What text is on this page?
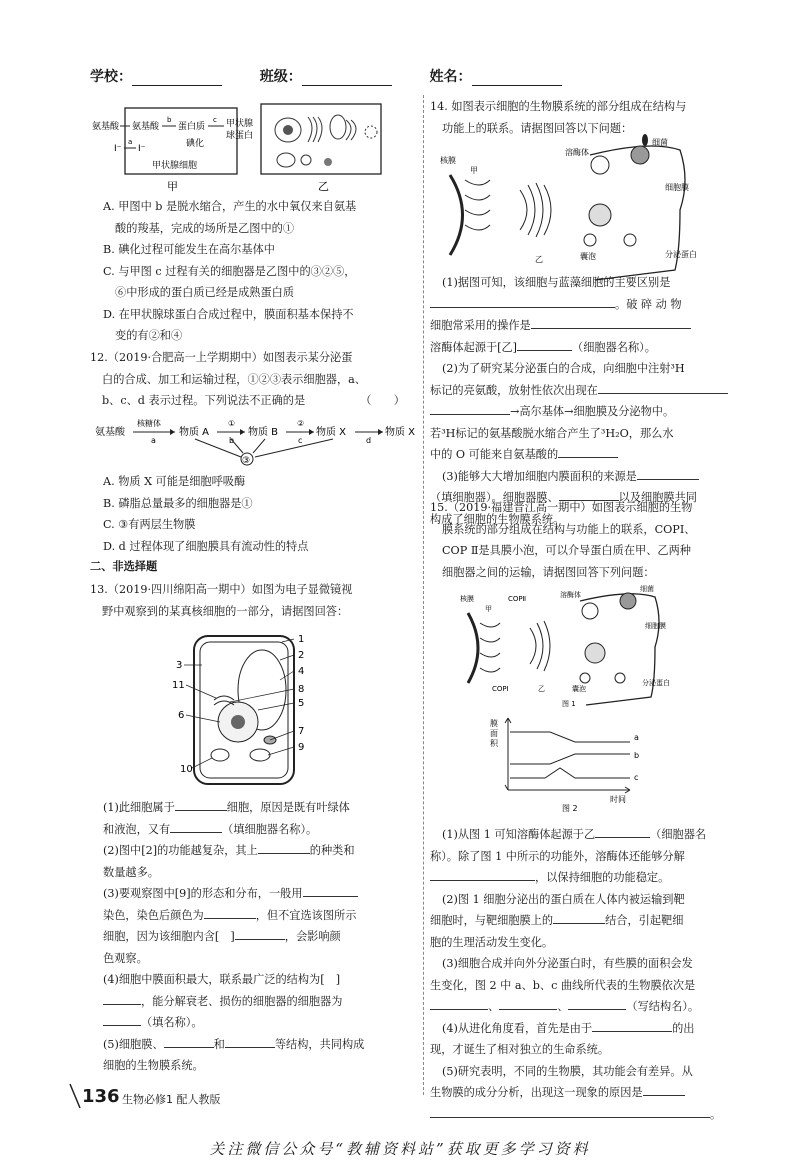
学校：	班级：	姓名：
氨基酸 氨基酸
b
蛋白质
c 甲状腺
球蛋白
I⁻
a
I⁻	碘化
甲状腺细胞
甲	乙

A. 甲图中 b 是脱水缩合，产生的水中氧仅来自氨基

酸的羧基，完成的场所是乙图中的①

B. 碘化过程可能发生在高尔基体中

C. 与甲图 c 过程有关的细胞器是乙图中的③②⑤，

⑥中形成的蛋白质已经是成熟蛋白质

D. 在甲状腺球蛋白合成过程中，膜面积基本保持不

变的有②和④

12.（2019·合肥高一上学期期中）如图表示某分泌蛋

白的合成、加工和运输过程，①②③表示细胞器，a、

b、c、d 表示过程。下列说法不正确的是	（　　）

氨基酸
核糖体
a
物质 A
①
b
物质 B
②
c
物质 X
d
物质 X
③

A. 物质 X 可能是细胞呼吸酶

B. 磷脂总量最多的细胞器是①

C. ③有两层生物膜

D. d 过程体现了细胞膜具有流动性的特点

二、非选择题

13.（2019·四川绵阳高一期中）如图为电子显微镜视

野中观察到的某真核细胞的一部分，请据图回答：

1
2
3
4
5
6
7
8
9
10
11

(1)此细胞属于	细胞，原因是既有叶绿体

和液泡，又有	（填细胞器名称）。

(2)图中[2]的功能越复杂，其上	的种类和

数量越多。

(3)要观察图中[9]的形态和分布，一般用

染色，染色后颜色为	，但不宜选该图所示

细胞，因为该细胞内含[　]	，会影响颜

色观察。

(4)细胞中膜面积最大，联系最广泛的结构为[　]

，能分解衰老、损伤的细胞器的细胞器为

（填名称）。

(5)细胞膜、	和	等结构，共同构成

细胞的生物膜系统。

14. 如图表示细胞的生物膜系统的部分组成在结构与

功能上的联系。请据图回答以下问题：

核膜
甲
溶酶体
细菌
细胞膜
乙	囊泡	分泌蛋白

(1)据图可知，该细胞与蓝藻细胞的主要区别是

。破 碎 动 物

细胞常采用的操作是

溶酶体起源于[乙]	（细胞器名称）。

(2)为了研究某分泌蛋白的合成，向细胞中注射³H

标记的亮氨酸，放射性依次出现在

→高尔基体→细胞膜及分泌物中。

若³H标记的氨基酸脱水缩合产生了³H₂O，那么水

中的 O 可能来自氨基酸的

(3)能够大大增加细胞内膜面积的来源是

（填细胞器）。细胞器膜、	以及细胞膜共同

构成了细胞的生物膜系统。

15.（2019·福建晋江高一期中）如图表示细胞的生物

膜系统的部分组成在结构与功能上的联系，COPⅠ、

COP Ⅱ是具膜小泡，可以介导蛋白质在甲、乙两种

细胞器之间的运输，请据图回答下列问题：

核膜
甲
COPⅡ	溶酶体
细菌
细胞膜
COPⅠ	乙	囊泡
分泌蛋白
图 1
膜
面
积
a
b
c
时间
图 2

(1)从图 1 可知溶酶体起源于乙	（细胞器名

称）。除了图 1 中所示的功能外，溶酶体还能够分解

，以保持细胞的功能稳定。

(2)图 1 细胞分泌出的蛋白质在人体内被运输到靶

细胞时，与靶细胞膜上的	结合，引起靶细

胞的生理活动发生变化。

(3)细胞合成并向外分泌蛋白时，有些膜的面积会发

生变化，图 2 中 a、b、c 曲线所代表的生物膜依次是

、	、	（写结构名）。

(4)从进化角度看，首先是由于	的出

现，才诞生了相对独立的生命系统。

(5)研究表明，不同的生物膜，其功能会有差异。从

生物膜的成分分析，出现这一现象的原因是

。

136 生物必修1 配人教版
关注微信公众号“教辅资料站”获取更多学习资料
